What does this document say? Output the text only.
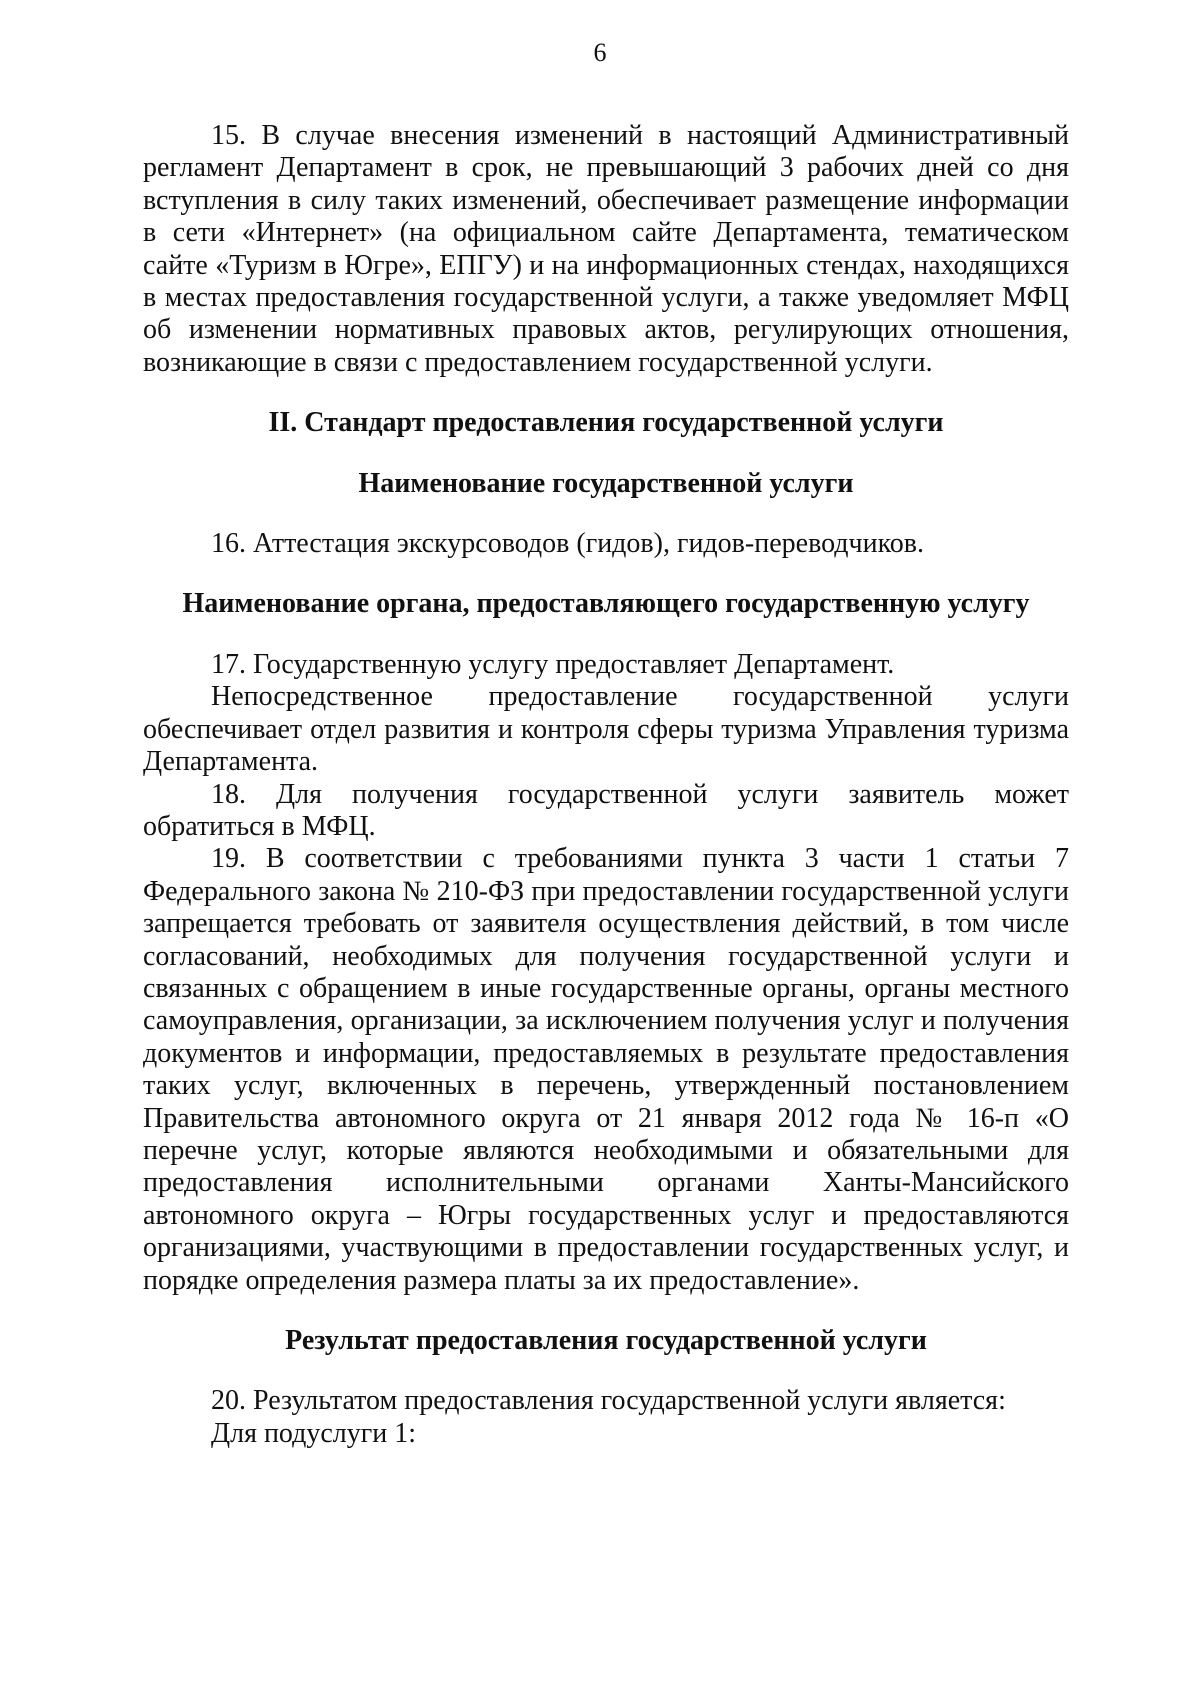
6

15. В случае внесения изменений в настоящий Административный регламент Департамент в срок, не превышающий 3 рабочих дней со дня вступления в силу таких изменений, обеспечивает размещение информации в сети «Интернет» (на официальном сайте Департамента, тематическом сайте «Туризм в Югре», ЕПГУ) и на информационных стендах, находящихся в местах предоставления государственной услуги, а также уведомляет МФЦ об изменении нормативных правовых актов, регулирующих отношения, возникающие в связи с предоставлением государственной услуги.

II. Стандарт предоставления государственной услуги

Наименование государственной услуги

16. Аттестация экскурсоводов (гидов), гидов-переводчиков.

Наименование органа, предоставляющего государственную услугу

17. Государственную услугу предоставляет Департамент.

Непосредственное предоставление государственной услуги обеспечивает отдел развития и контроля сферы туризма Управления туризма Департамента.

18. Для получения государственной услуги заявитель может обратиться в МФЦ.

19. В соответствии с требованиями пункта 3 части 1 статьи 7 Федерального закона № 210-ФЗ при предоставлении государственной услуги запрещается требовать от заявителя осуществления действий, в том числе согласований, необходимых для получения государственной услуги и связанных с обращением в иные государственные органы, органы местного самоуправления, организации, за исключением получения услуг и получения документов и информации, предоставляемых в результате предоставления таких услуг, включенных в перечень, утвержденный постановлением Правительства автономного округа от 21 января 2012 года № 16-п «О перечне услуг, которые являются необходимыми и обязательными для предоставления исполнительными органами Ханты-Мансийского автономного округа – Югры государственных услуг и предоставляются организациями, участвующими в предоставлении государственных услуг, и порядке определения размера платы за их предоставление».

Результат предоставления государственной услуги

20. Результатом предоставления государственной услуги является:

Для подуслуги 1:
